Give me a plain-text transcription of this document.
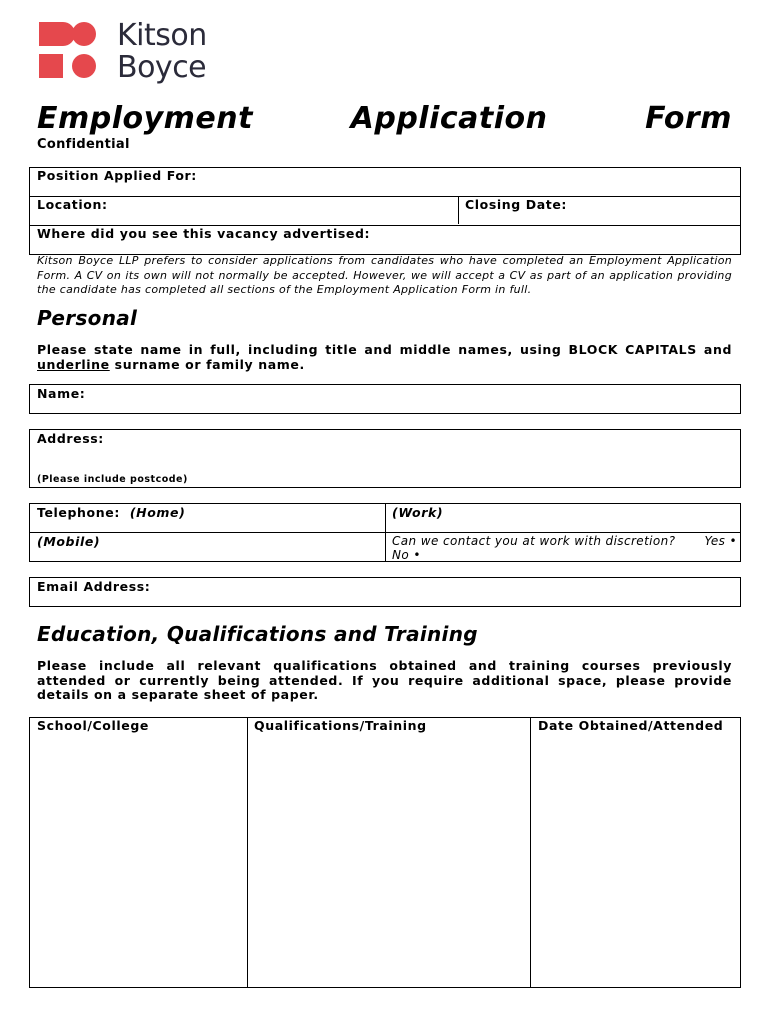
Kitson
Boyce
Employment	Application	Form
Confidential
Position Applied For:
Location:	Closing Date:
Where did you see this vacancy advertised:
Kitson Boyce LLP prefers to consider applications from candidates who have completed an Employment Application Form. A CV on its own will not normally be accepted. However, we will accept a CV as part of an application providing the candidate has completed all sections of the Employment Application Form in full.
Personal
Please state name in full, including title and middle names, using BLOCK CAPITALS and underline surname or family name.
Name:
Address:
(Please include postcode)
Telephone: (Home)	(Work)
(Mobile)	Can we contact you at work with discretion? Yes •

No •
Email Address:
Education, Qualifications and Training
Please include all relevant qualifications obtained and training courses previously attended or currently being attended. If you require additional space, please provide details on a separate sheet of paper.
School/College	Qualifications/Training	Date Obtained/Attended
